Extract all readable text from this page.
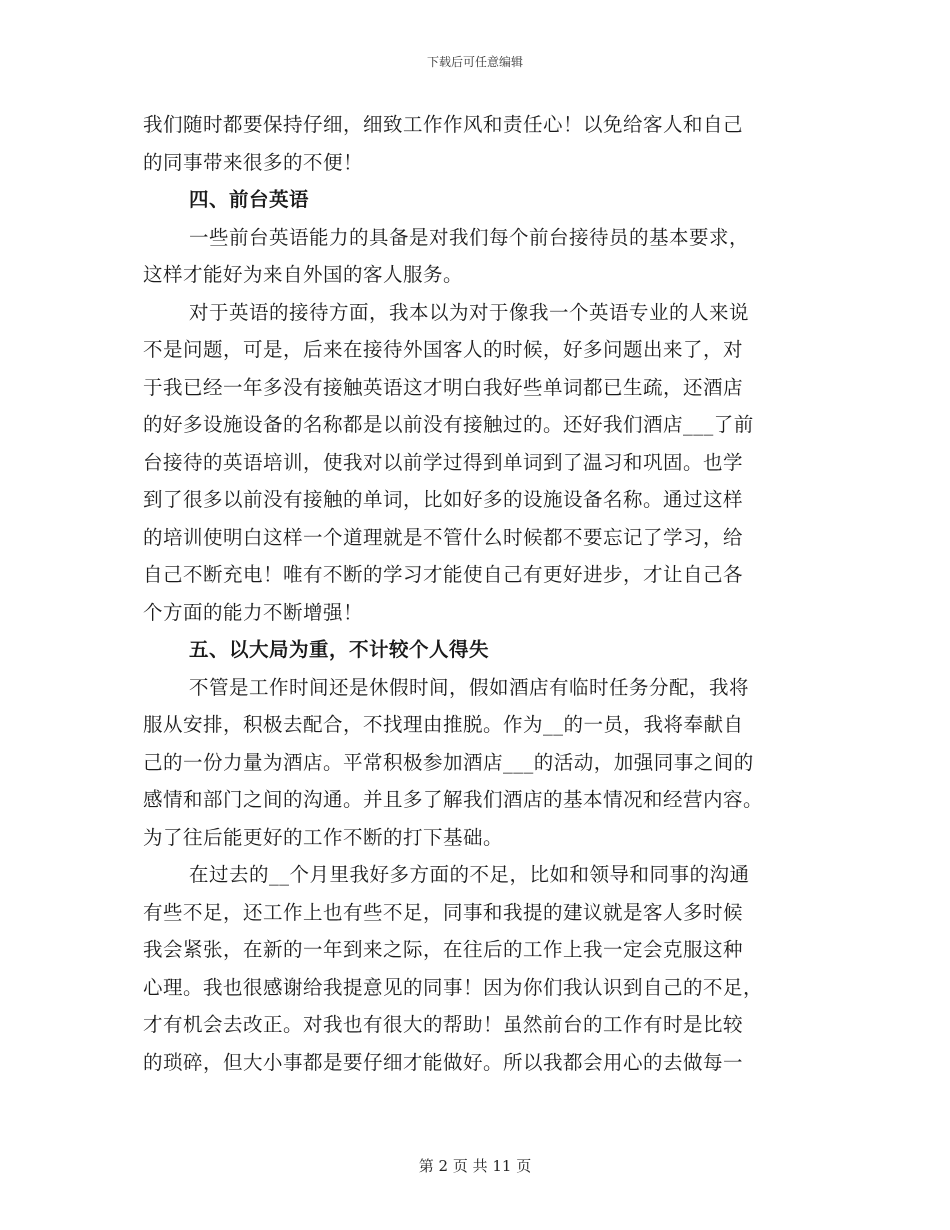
下载后可任意编辑
我们随时都要保持仔细，细致工作作风和责任心！以免给客人和自己
的同事带来很多的不便！
四、前台英语
一些前台英语能力的具备是对我们每个前台接待员的基本要求，
这样才能好为来自外国的客人服务。
对于英语的接待方面，我本以为对于像我一个英语专业的人来说
不是问题，可是，后来在接待外国客人的时候，好多问题出来了，对
于我已经一年多没有接触英语这才明白我好些单词都已生疏，还酒店
的好多设施设备的名称都是以前没有接触过的。还好我们酒店___了前
台接待的英语培训，使我对以前学过得到单词到了温习和巩固。也学
到了很多以前没有接触的单词，比如好多的设施设备名称。通过这样
的培训使明白这样一个道理就是不管什么时候都不要忘记了学习，给
自己不断充电！唯有不断的学习才能使自己有更好进步，才让自己各
个方面的能力不断增强！
五、以大局为重，不计较个人得失
不管是工作时间还是休假时间，假如酒店有临时任务分配，我将
服从安排，积极去配合，不找理由推脱。作为__的一员，我将奉献自
己的一份力量为酒店。平常积极参加酒店___的活动，加强同事之间的
感情和部门之间的沟通。并且多了解我们酒店的基本情况和经营内容。
为了往后能更好的工作不断的打下基础。
在过去的__个月里我好多方面的不足，比如和领导和同事的沟通
有些不足，还工作上也有些不足，同事和我提的建议就是客人多时候
我会紧张，在新的一年到来之际，在往后的工作上我一定会克服这种
心理。我也很感谢给我提意见的同事！因为你们我认识到自己的不足，
才有机会去改正。对我也有很大的帮助！虽然前台的工作有时是比较
的琐碎，但大小事都是要仔细才能做好。所以我都会用心的去做每一
第 2 页 共 11 页
